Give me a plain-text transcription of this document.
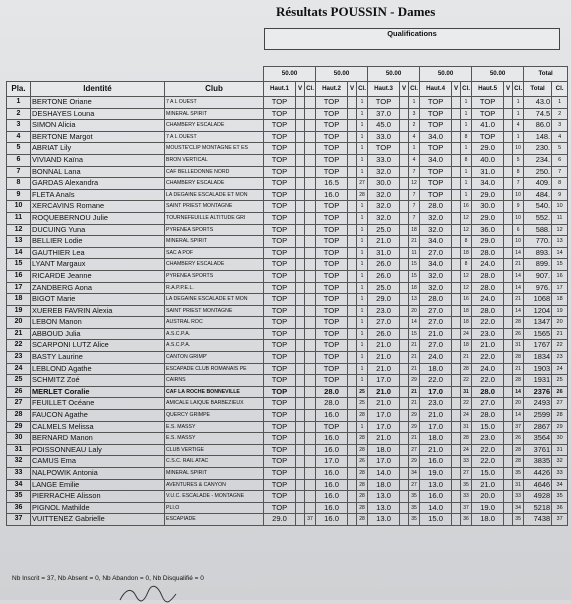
Résultats POUSSIN - Dames
Qualifications
			50.00			50.00			50.00			50.00			50.00			Total	
Pla.	Identité	Club	Haut.1	V	Cl.	Haut.2	V	Cl.	Haut.3	V	Cl.	Haut.4	V	Cl.	Haut.5	V	Cl.	Total	Cl.
1	BERTONE Oriane	7 A L OUEST	TOP			TOP		1	TOP		1	TOP		1	TOP		1	43.0	1
2	DESHAYES Louna	MINERAL SPIRIT	TOP			TOP		1	37.0		3	TOP		1	TOP		1	74.5	2
3	SIMON Alicia	CHAMBERY ESCALADE	TOP			TOP		1	45.0		2	TOP		1	41.0		4	86.0	3
4	BERTONE Margot	7 A L OUEST	TOP			TOP		1	33.0		4	34.0		8	TOP		1	148.	4
5	ABRIAT Lily	MOUSTE'CLIP MONTAGNE ET ES	TOP			TOP		1	TOP		1	TOP		1	29.0		10	230.	5
6	VIVIAND Kaïna	BRON VERTICAL	TOP			TOP		1	33.0		4	34.0		8	40.0		5	234.	6
7	BONNAL Lana	CAF BELLEDONNE NORD	TOP			TOP		1	32.0		7	TOP		1	31.0		8	250.	7
8	GARDAS Alexandra	CHAMBERY ESCALADE	TOP			16.5		27	30.0		12	TOP		1	34.0		7	409.	8
9	FLETA Anaïs	LA DEGAINE ESCALADE ET MON	TOP			16.0		28	32.0		7	TOP		1	29.0		10	484.	9
10	XERCAVINS Romane	SAINT PRIEST MONTAGNE	TOP			TOP		1	32.0		7	28.0		16	30.0		9	540.	10
11	ROQUEBERNOU Julie	TOURNEFEUILLE ALTITUDE GRI	TOP			TOP		1	32.0		7	32.0		12	29.0		10	552.	11
12	DUCUING Yuna	PYRENEA SPORTS	TOP			TOP		1	25.0		18	32.0		12	36.0		6	588.	12
13	BELLIER Lodie	MINERAL SPIRIT	TOP			TOP		1	21.0		21	34.0		8	29.0		10	770.	13
14	GAUTHIER Lea	SAC A POF	TOP			TOP		1	31.0		11	27.0		18	28.0		14	893.	14
15	LYANT Margaux	CHAMBERY ESCALADE	TOP			TOP		1	26.0		15	34.0		8	24.0		21	899.	15
16	RICARDE Jeanne	PYRENEA SPORTS	TOP			TOP		1	26.0		15	32.0		12	28.0		14	907.	16
17	ZANDBERG Aona	R.A.P.P.E.L.	TOP			TOP		1	25.0		18	32.0		12	28.0		14	976.	17
18	BIGOT Marie	LA DEGAINE ESCALADE ET MON	TOP			TOP		1	29.0		13	28.0		16	24.0		21	1068	18
19	XUEREB FAVRIN Alexia	SAINT PRIEST MONTAGNE	TOP			TOP		1	23.0		20	27.0		18	28.0		14	1204	19
20	LEBON Manon	AUSTRAL ROC	TOP			TOP		1	27.0		14	27.0		18	22.0		28	1347	20
21	ABBOUD Julia	A.S.C.P.A.	TOP			TOP		1	26.0		15	21.0		24	23.0		26	1565	21
22	SCARPONI LUTZ Alice	A.S.C.P.A.	TOP			TOP		1	21.0		21	27.0		18	21.0		31	1767	22
23	BASTY Laurine	CANTON GRIMP'	TOP			TOP		1	21.0		21	24.0		21	22.0		28	1834	23
24	LEBLOND Agathe	ESCAPADE CLUB ROMANAIS PE	TOP			TOP		1	21.0		21	18.0		28	24.0		21	1903	24
25	SCHMITZ Zoé	CAIRNS	TOP			TOP		1	17.0		29	22.0		22	22.0		28	1931	25
26	MERLET Coralie	CAF LA ROCHE BONNEVILLE	TOP			28.0		25	21.0		21	17.0		31	28.0		14	2376	26
27	FEUILLET Océane	AMICALE LAIQUE BARBEZIEUX	TOP			28.0		25	21.0		21	23.0		22	27.0		20	2493	27
28	FAUCON Agathe	QUERCY GRIMPE	TOP			16.0		28	17.0		29	21.0		24	28.0		14	2599	28
29	CALMELS Melissa	E.S. MASSY	TOP			TOP		1	17.0		29	17.0		31	15.0		37	2867	29
30	BERNARD Manon	E.S. MASSY	TOP			16.0		28	21.0		21	18.0		28	23.0		26	3564	30
31	POISSONNEAU Laly	CLUB VERTIGE	TOP			16.0		28	18.0		27	21.0		24	22.0		28	3761	31
32	CAMUS Ema	C.S.C. RAIL ATAC	TOP			17.0		26	17.0		29	16.0		33	22.0		28	3835	32
33	NALPOWIK Antonia	MINERAL SPIRIT	TOP			16.0		28	14.0		34	19.0		27	15.0		35	4426	33
34	LANGE Emilie	AVENTURES & CANYON	TOP			16.0		28	18.0		27	13.0		35	21.0		31	4646	34
35	PIERRACHE Alisson	V.U.C. ESCALADE - MONTAGNE	TOP			16.0		28	13.0		35	16.0		33	20.0		33	4928	35
36	PIGNOL Mathilde	PLI.O	TOP			16.0		28	13.0		35	14.0		37	19.0		34	5218	36
37	VUITTENEZ Gabrielle	ESCAPIADE	29.0		37	16.0		28	13.0		35	15.0		36	18.0		35	7438	37
Nb Inscrit = 37, Nb Absent = 0, Nb Abandon = 0, Nb Disqualifié = 0
